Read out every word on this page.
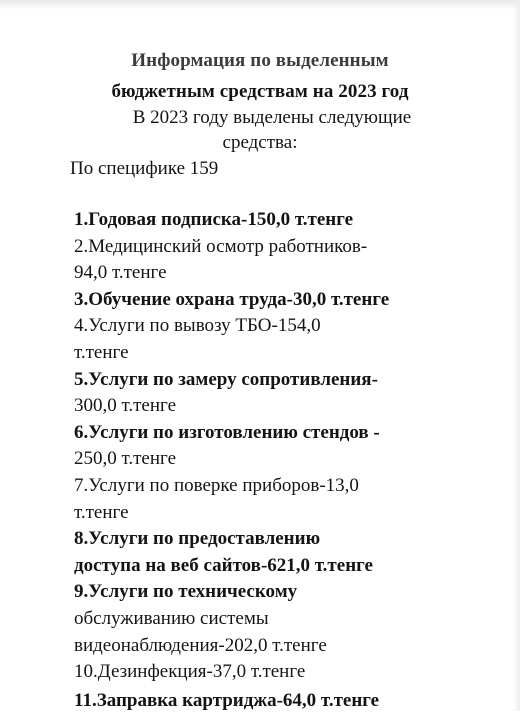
Информация по выделенным
бюджетным средствам на 2023 год
В 2023 году выделены следующие
средства:
По специфике 159
1.Годовая подписка-150,0 т.тенге
2.Медицинский осмотр работников-
94,0 т.тенге
3.Обучение охрана труда-30,0 т.тенге
4.Услуги по вывозу ТБО-154,0
т.тенге
5.Услуги по замеру сопротивления-
300,0 т.тенге
6.Услуги по изготовлению стендов -
250,0 т.тенге
7.Услуги по поверке приборов-13,0
т.тенге
8.Услуги по предоставлению
доступа на веб сайтов-621,0 т.тенге
9.Услуги по техническому
обслуживанию системы
видеонаблюдения-202,0 т.тенге
10.Дезинфекция-37,0 т.тенге
11.Заправка картриджа-64,0 т.тенге
